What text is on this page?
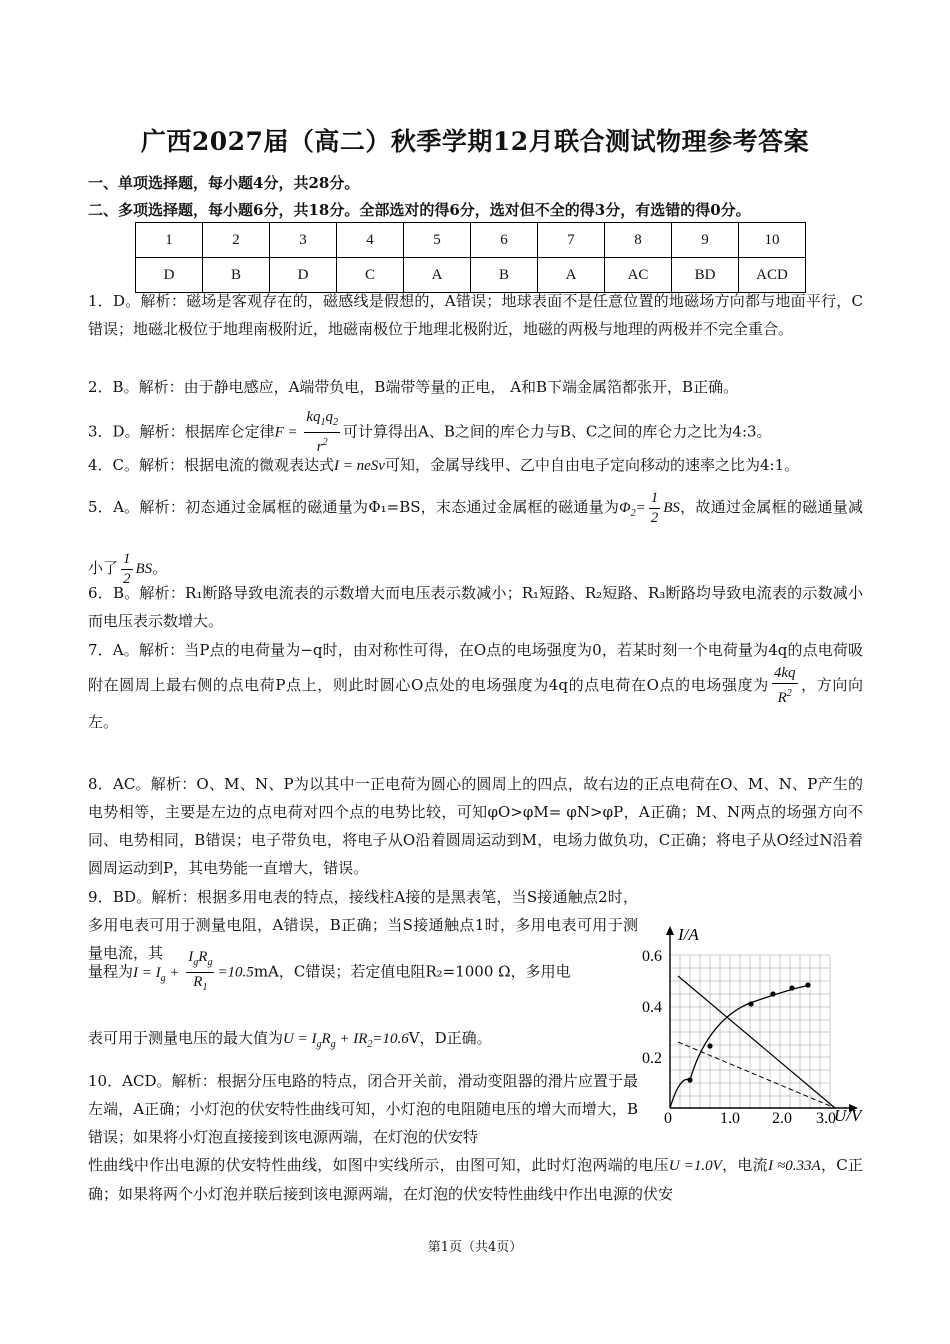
广西2027届（高二）秋季学期12月联合测试物理参考答案
一、单项选择题，每小题4分，共28分。
二、多项选择题，每小题6分，共18分。全部选对的得6分，选对但不全的得3分，有选错的得0分。
1	2	3	4	5	6	7	8	9	10
D	B	D	C	A	B	A	AC	BD	ACD
1．D。解析：磁场是客观存在的，磁感线是假想的，A错误；地球表面不是任意位置的地磁场方向都与地面平行，C错误；地磁北极位于地理南极附近，地磁南极位于地理北极附近，地磁的两极与地理的两极并不完全重合。
2．B。解析：由于静电感应，A端带负电，B端带等量的正电， A和B下端金属箔都张开，B正确。
3．D。解析：根据库仑定律$F = \frac{kq_1q_2}{r^2}$ 可计算得出A、B之间的库仑力与B、C之间的库仑力之比为4:3。
4．C。解析：根据电流的微观表达式I = neSv可知，金属导线甲、乙中自由电子定向移动的速率之比为4:1。
5．A。解析：初态通过金属框的磁通量为Φ₁=BS，末态通过金属框的磁通量为$\Phi_2= \frac{1}{2}$ BS，故通过金属框的磁通量减小了 $\frac{1}{2}$ BS。
6．B。解析：R₁断路导致电流表的示数增大而电压表示数减小；R₁短路、R₂短路、R₃断路均导致电流表的示数减小而电压表示数增大。
7．A。解析：当P点的电荷量为−q时，由对称性可得，在O点的电场强度为0，若某时刻一个电荷量为4q的点电荷吸附在圆周上最右侧的点电荷P点上，则此时圆心O点处的电场强度为4q的点电荷在O点的电场强度为 $\frac{4kq}{R^2}$ ，方向向左。
8．AC。解析：O、M、N、P为以其中一正电荷为圆心的圆周上的四点，故右边的正点电荷在O、M、N、P产生的电势相等，主要是左边的点电荷对四个点的电势比较，可知φO>φM= φN>φP，A正确；M、N两点的场强方向不同、电势相同，B错误；电子带负电，将电子从O沿着圆周运动到M，电场力做负功，C正确；将电子从O经过N沿着圆周运动到P，其电势能一直增大，错误。
9．BD。解析：根据多用电表的特点，接线柱A接的是黑表笔，当S接通触点2时，多用电表可用于测量电阻，A错误，B正确；当S接通触点1时，多用电表可用于测量电流，其
量程为$I = I_g + \frac{I_gR_g}{R_1} =10.5mA$，C错误；若定值电阻R₂=1000 Ω，多用电
表可用于测量电压的最大值为$U = I_gR_g + IR_2=10.6V$，D正确。
10．ACD。解析：根据分压电路的特点，闭合开关前，滑动变阻器的滑片应置于最左端，A正确；小灯泡的伏安特性曲线可知，小灯泡的电阻随电压的增大而增大，B错误；如果将小灯泡直接接到该电源两端，在灯泡的伏安特
性曲线中作出电源的伏安特性曲线，如图中实线所示，由图可知，此时灯泡两端的电压U =1.0V，电流I ≈0.33A，C正确；如果将两个小灯泡并联后接到该电源两端，在灯泡的伏安特性曲线中作出电源的伏安
I/A
U/V
0.6
0.4
0.2
0	1.0 2.0 3.0
第1页（共4页）
